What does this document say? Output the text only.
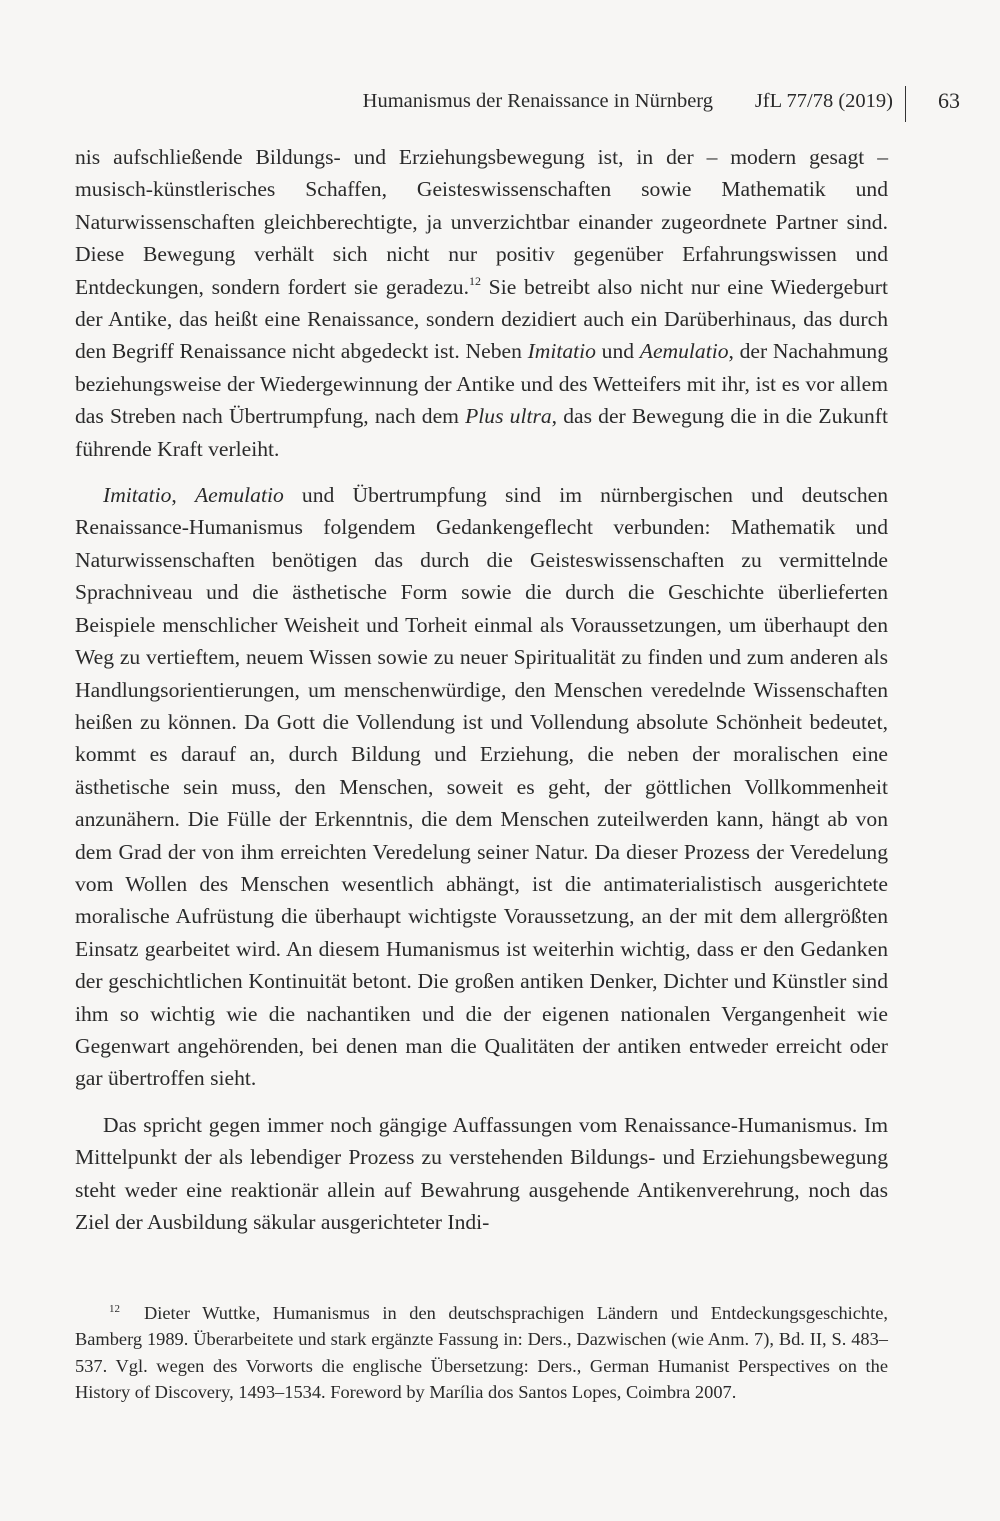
Humanismus der Renaissance in Nürnberg JfL 77/78 (2019) 63

nis aufschließende Bildungs- und Erziehungsbewegung ist, in der – modern gesagt – musisch-künstlerisches Schaffen, Geisteswissenschaften sowie Mathematik und Naturwissenschaften gleichberechtigte, ja unverzichtbar einander zugeordnete Partner sind. Diese Bewegung verhält sich nicht nur positiv gegenüber Erfahrungswissen und Entdeckungen, sondern fordert sie geradezu.$^{12}$ Sie betreibt also nicht nur eine Wiedergeburt der Antike, das heißt eine Renaissance, sondern dezidiert auch ein Darüberhinaus, das durch den Begriff Renaissance nicht abgedeckt ist. Neben Imitatio und Aemulatio, der Nachahmung beziehungsweise der Wiedergewinnung der Antike und des Wetteifers mit ihr, ist es vor allem das Streben nach Übertrumpfung, nach dem Plus ultra, das der Bewegung die in die Zukunft führende Kraft verleiht.

Imitatio, Aemulatio und Übertrumpfung sind im nürnbergischen und deutschen Renaissance-Humanismus folgendem Gedankengeflecht verbunden: Mathematik und Naturwissenschaften benötigen das durch die Geisteswissenschaften zu vermittelnde Sprachniveau und die ästhetische Form sowie die durch die Geschichte überlieferten Beispiele menschlicher Weisheit und Torheit einmal als Voraussetzungen, um überhaupt den Weg zu vertieftem, neuem Wissen sowie zu neuer Spiritualität zu finden und zum anderen als Handlungsorientierungen, um menschenwürdige, den Menschen veredelnde Wissenschaften heißen zu können. Da Gott die Vollendung ist und Vollendung absolute Schönheit bedeutet, kommt es darauf an, durch Bildung und Erziehung, die neben der moralischen eine ästhetische sein muss, den Menschen, soweit es geht, der göttlichen Vollkommenheit anzunähern. Die Fülle der Erkenntnis, die dem Menschen zuteilwerden kann, hängt ab von dem Grad der von ihm erreichten Veredelung seiner Natur. Da dieser Prozess der Veredelung vom Wollen des Menschen wesentlich abhängt, ist die antimaterialistisch ausgerichtete moralische Aufrüstung die überhaupt wichtigste Voraussetzung, an der mit dem allergrößten Einsatz gearbeitet wird. An diesem Humanismus ist weiterhin wichtig, dass er den Gedanken der geschichtlichen Kontinuität betont. Die großen antiken Denker, Dichter und Künstler sind ihm so wichtig wie die nachantiken und die der eigenen nationalen Vergangenheit wie Gegenwart angehörenden, bei denen man die Qualitäten der antiken entweder erreicht oder gar übertroffen sieht.

Das spricht gegen immer noch gängige Auffassungen vom Renaissance-Humanismus. Im Mittelpunkt der als lebendiger Prozess zu verstehenden Bildungs- und Erziehungsbewegung steht weder eine reaktionär allein auf Bewahrung ausgehende Antikenverehrung, noch das Ziel der Ausbildung säkular ausgerichteter Indi-

$^{12}$ Dieter Wuttke, Humanismus in den deutschsprachigen Ländern und Entdeckungsgeschichte, Bamberg 1989. Überarbeitete und stark ergänzte Fassung in: Ders., Dazwischen (wie Anm. 7), Bd. II, S. 483–537. Vgl. wegen des Vorworts die englische Übersetzung: Ders., German Humanist Perspectives on the History of Discovery, 1493–1534. Foreword by Marília dos Santos Lopes, Coimbra 2007.
